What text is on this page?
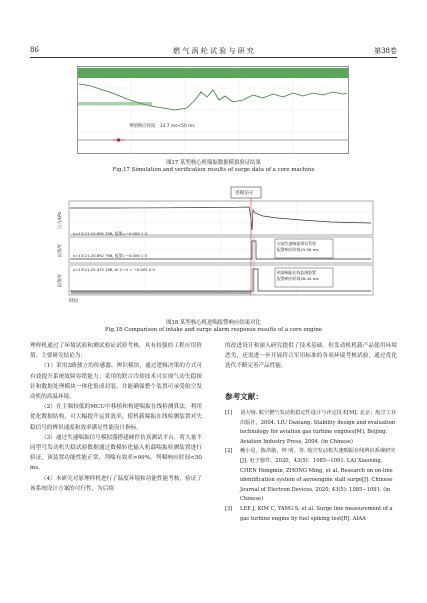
86	燃 气 涡 轮 试 验 与 研 究	第38卷
判喘响应时间：33.7 ms<50 ms
图17 某型核心机喘振数据模拟验证结果
Fig.17 Simulation and verification results of surge data of a core machine
进喘信号
压力/kPa
报警/V
报警/V
x=13:21:20.892 798, 报警=−0.000 1 V
x=13:21:20.892 798, 报警=−0.000 1 V
x=13:21:25.475 198, AI C−4 = −0.002 0 V
台架失速喘振辨识系统
报警响应时间25.58 ms
机载喘振在线监测装置
报警响应时间28.44 ms
时间
图18 某型核心机进喘报警响应结果对比
Fig.18 Comparison of intake and surge alarm response results of a core engine

理样机通过了环境试验和测试验证试验考核，具有较强的工程应用价值。主要研究结论为：

（1）采用3路独立的传感器、辨识模块，通过逻辑决策的方式可有效提升系统故障容错能力；采用的联合冷却技术可实现气动失稳探针和数据处理模块一体化集成封装，并能确保整个装置可承受航空发动机的高温环境。

（2）在主频较低的MCU中移植和构建喘振在线检测算法，利用优化数据结构，可大幅提升运算效率，使机载喘振在线检测装置对失稳信号的辨识速度和效率满足性能设计指标。

（3）通过失速喘振信号模拟器搭建硬件仿真测试平台，将大量不同型号发动机失稳试验数据通过数模转化输入机载喘振检测装置进行验证，该装置功能性能正常，判喘有效率>99%，判喘响应时间<50 ms。

（4）本研究对原理样机进行了温度环境和功能性能考核，验证了该系统设计方案的可行性，为后续

的改进设计和深入研究提供了技术基础。但发动机机载产品使用环境恶劣，还需进一步开展符合军用标准的各项环境考核试验，通过优化迭代不断完善产品性能。

参考文献：
[1]	刘大响. 航空燃气发动机稳定性设计与评定技术[M]. 北京：航空工业出版社，2004. LIU Daxiang. Stability design and evaluation technology for aviation gas turbine engines[M]. Beijing: Aviation Industry Press, 2004. (in Chinese)
[2]	赖小星，陈洪敏，钟 明，等. 航空发动机失速喘振在线辨识系统研究[J]. 电子器件，2020，43(5)：1085−1091. LAI Xiaoxing, CHEN Hongmin, ZHONG Ming, et al. Research on on-line identification system of aeroengine stall surge[J]. Chinese Journal of Electron Devices, 2020, 43(5): 1085−1091. (in Chinese)
[3]	LEE J, KIM C, YANG S, et al. Surge line measurement of a gas turbine engine by fuel spiking test[R]. AIAA
